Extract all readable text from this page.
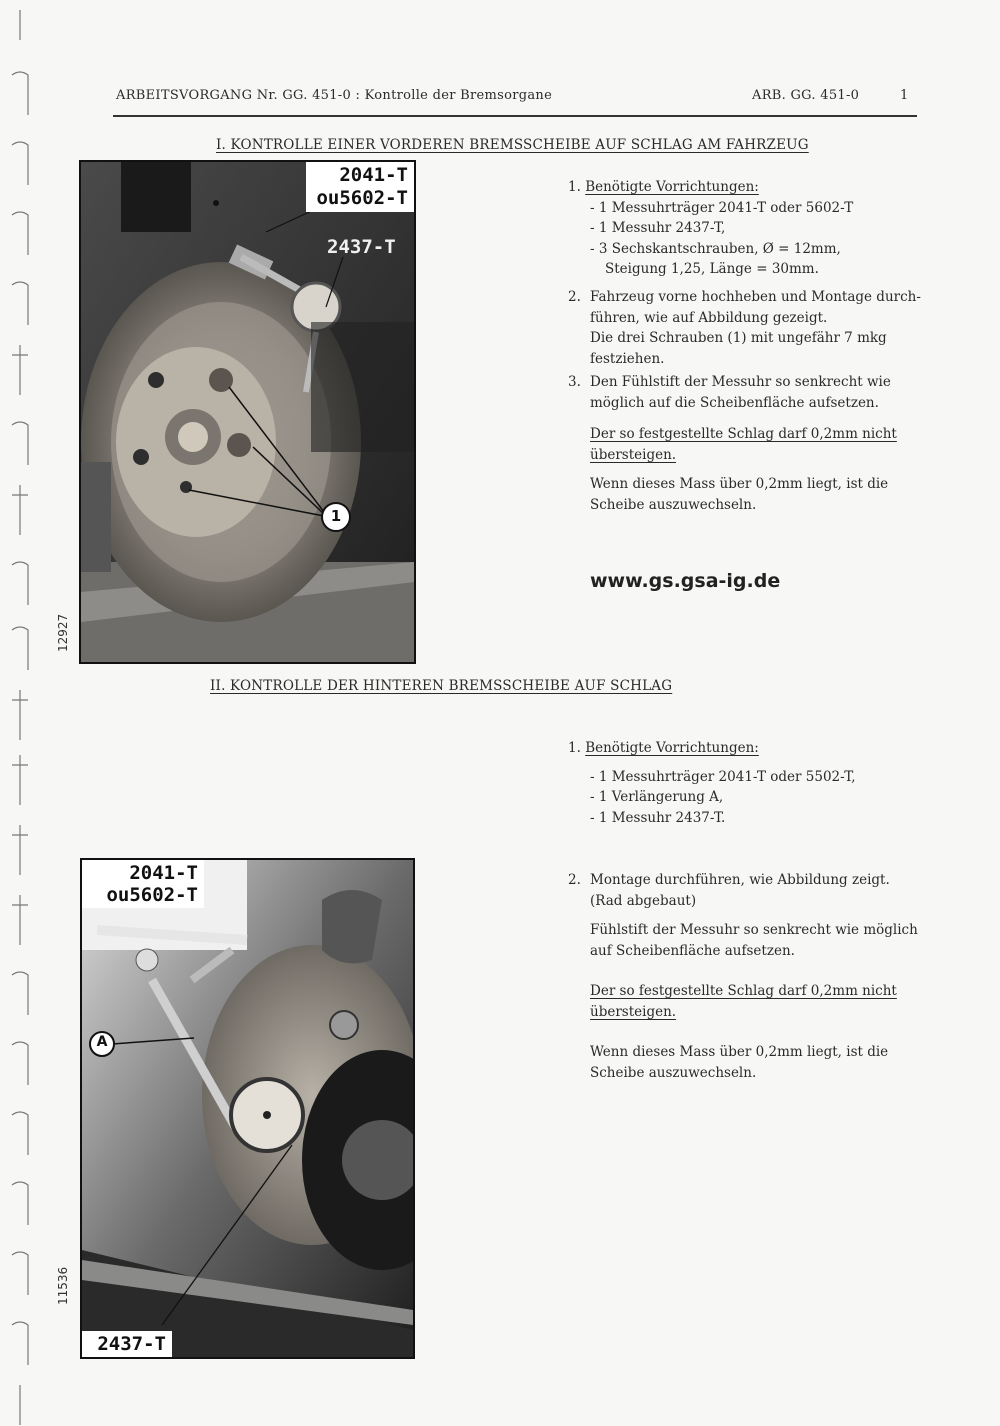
ARBEITSVORGANG Nr. GG. 451-0 : Kontrolle der Bremsorgane	ARB. GG. 451-0	1
I. KONTROLLE EINER VORDEREN BREMSSCHEIBE AUF SCHLAG AM FAHRZEUG
2041-T
ou5602-T
2437-T
1
12927
1. Benötigte Vorrichtungen:
- 1 Messuhrträger 2041-T oder 5602-T
- 1 Messuhr 2437-T,
- 3 Sechskantschrauben, Ø = 12mm,
Steigung 1,25, Länge = 30mm.
2. Fahrzeug vorne hochheben und Montage durch-
führen, wie auf Abbildung gezeigt.
Die drei Schrauben (1) mit ungefähr 7 mkg
festziehen.
3. Den Fühlstift der Messuhr so senkrecht wie
möglich auf die Scheibenfläche aufsetzen.
Der so festgestellte Schlag darf 0,2mm nicht
übersteigen.
Wenn dieses Mass über 0,2mm liegt, ist die
Scheibe auszuwechseln.
www.gs.gsa-ig.de
II. KONTROLLE DER HINTEREN BREMSSCHEIBE AUF SCHLAG
1. Benötigte Vorrichtungen:
- 1 Messuhrträger 2041-T oder 5502-T,
- 1 Verlängerung A,
- 1 Messuhr 2437-T.
2. Montage durchführen, wie Abbildung zeigt.
(Rad abgebaut)
Fühlstift der Messuhr so senkrecht wie möglich
auf Scheibenfläche aufsetzen.
Der so festgestellte Schlag darf 0,2mm nicht
übersteigen.
Wenn dieses Mass über 0,2mm liegt, ist die
Scheibe auszuwechseln.
2041-T
ou5602-T
2437-T
A
11536
